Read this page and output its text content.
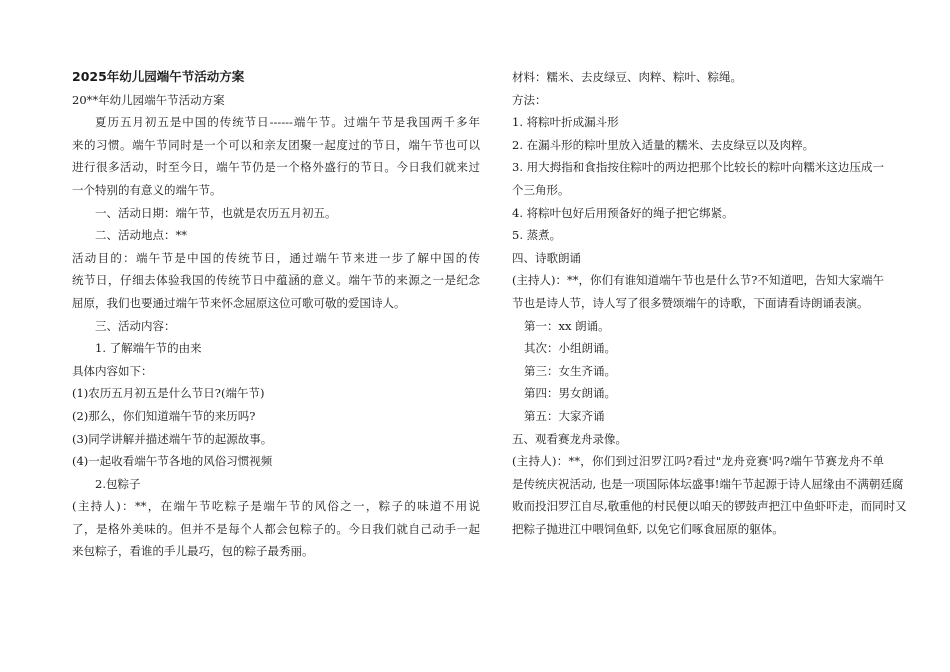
2025年幼儿园端午节活动方案
20**年幼儿园端午节活动方案
夏历五月初五是中国的传统节日------端午节。过端午节是我国两千多年
来的习惯。端午节同时是一个可以和亲友团聚一起度过的节日，端午节也可以
进行很多活动，时至今日，端午节仍是一个格外盛行的节日。今日我们就来过
一个特别的有意义的端午节。
一、活动日期：端午节，也就是农历五月初五。
二、活动地点：**
活动目的：端午节是中国的传统节日，通过端午节来进一步了解中国的传
统节日，仔细去体验我国的传统节日中蕴涵的意义。端午节的来源之一是纪念
屈原，我们也要通过端午节来怀念屈原这位可歌可敬的爱国诗人。
三、活动内容：
1. 了解端午节的由来
具体内容如下：
(1)农历五月初五是什么节日?(端午节)
(2)那么，你们知道端午节的来历吗?
(3)同学讲解并描述端午节的起源故事。
(4)一起收看端午节各地的风俗习惯视频
2.包粽子
(主持人)：**，在端午节吃粽子是端午节的风俗之一，粽子的味道不用说
了，是格外美味的。但并不是每个人都会包粽子的。今日我们就自己动手一起
来包粽子，看谁的手儿最巧，包的粽子最秀丽。
材料：糯米、去皮绿豆、肉粹、粽叶、粽绳。
方法：
1. 将粽叶折成漏斗形
2. 在漏斗形的粽叶里放入适量的糯米、去皮绿豆以及肉粹。
3. 用大拇指和食指按住粽叶的两边把那个比较长的粽叶向糯米这边压成一
个三角形。
4. 将粽叶包好后用预备好的绳子把它绑紧。
5. 蒸煮。
四、诗歌朗诵
(主持人)：**，你们有谁知道端午节也是什么节?不知道吧，告知大家端午
节也是诗人节，诗人写了很多赞颂端午的诗歌，下面请看诗朗诵表演。
第一：xx 朗诵。
其次：小组朗诵。
第三：女生齐诵。
第四：男女朗诵。
第五：大家齐诵
五、观看赛龙舟录像。
(主持人)：**，你们到过汨罗江吗?看过"龙舟竞赛'吗?端午节赛龙舟不单
是传统庆祝活动, 也是一项国际体坛盛事!端午节起源于诗人屈缘由不满朝廷腐
败而投汨罗江自尽,敬重他的村民便以咱天的锣鼓声把江中鱼虾吓走，而同时又
把粽子抛进江中喂饲鱼虾, 以免它们啄食屈原的躯体。
